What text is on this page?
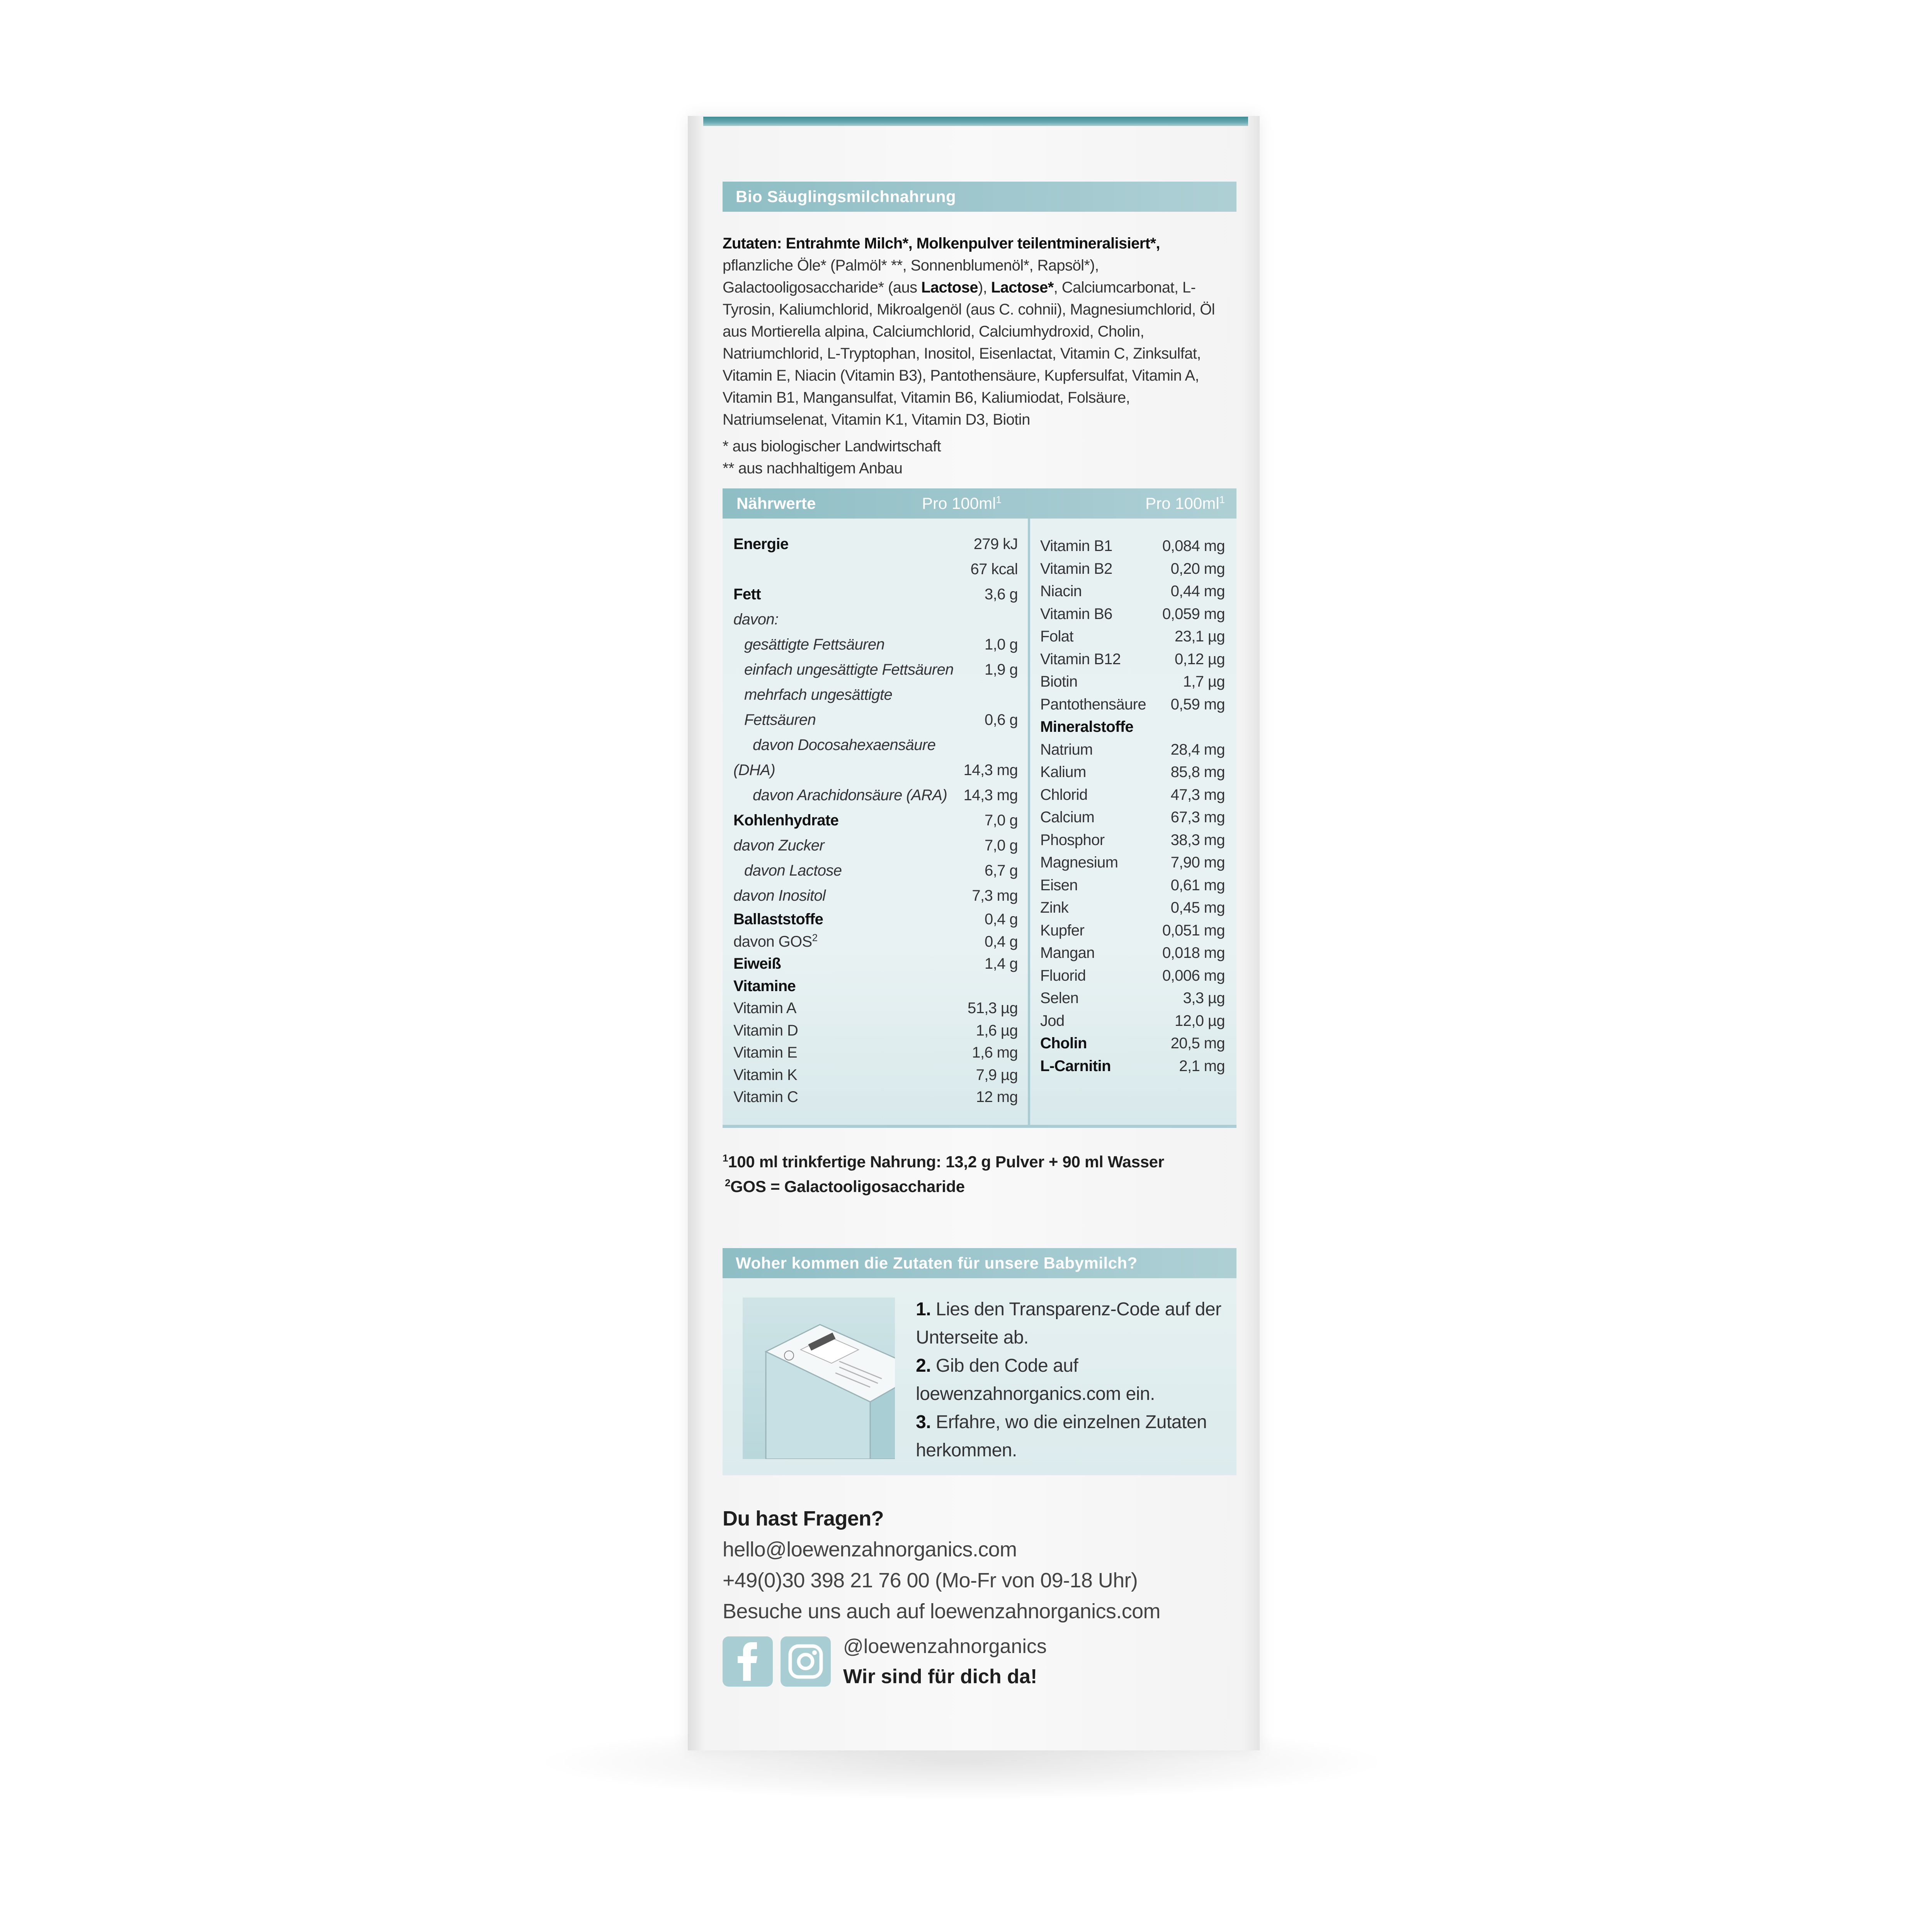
Bio Säuglingsmilchnahrung
Zutaten: Entrahmte Milch*, Molkenpulver teilentmineralisiert*, pflanzliche Öle* (Palmöl* **, Sonnenblumenöl*, Rapsöl*), Galactooligosaccharide* (aus Lactose), Lactose*, Calciumcarbonat, L-Tyrosin, Kaliumchlorid, Mikroalgenöl (aus C. cohnii), Magnesiumchlorid, Öl aus Mortierella alpina, Calciumchlorid, Calciumhydroxid, Cholin, Natriumchlorid, L-Tryptophan, Inositol, Eisenlactat, Vitamin C, Zinksulfat, Vitamin E, Niacin (Vitamin B3), Pantothensäure, Kupfersulfat, Vitamin A, Vitamin B1, Mangansulfat, Vitamin B6, Kaliumiodat, Folsäure, Natriumselenat, Vitamin K1, Vitamin D3, Biotin
* aus biologischer Landwirtschaft
** aus nachhaltigem Anbau
Nährwerte	Pro $100ml^1$	Pro $100ml^1$
Energie	279 kJ
67 kcal
Fett	3,6 g
davon:
gesättigte Fettsäuren	1,0 g
einfach ungesättigte Fettsäuren 1,9 g
mehrfach ungesättigte
Fettsäuren	0,6 g
davon Docosahexaensäure
(DHA)	14,3 mg
davon Arachidonsäure (ARA) 14,3 mg
Kohlenhydrate	7,0 g
davon Zucker	7,0 g
davon Lactose	6,7 g
davon Inositol	7,3 mg
Ballaststoffe	0,4 g
davon GOS$^2$	0,4 g
Eiweiß	1,4 g
Vitamine
Vitamin A	51,3 µg
Vitamin D	1,6 µg
Vitamin E	1,6 mg
Vitamin K	7,9 µg
Vitamin C	12 mg
Vitamin B1	0,084 mg
Vitamin B2	0,20 mg
Niacin	0,44 mg
Vitamin B6	0,059 mg
Folat	23,1 µg
Vitamin B12	0,12 µg
Biotin	1,7 µg
Pantothensäure 0,59 mg
Mineralstoffe
Natrium	28,4 mg
Kalium	85,8 mg
Chlorid	47,3 mg
Calcium	67,3 mg
Phosphor	38,3 mg
Magnesium	7,90 mg
Eisen	0,61 mg
Zink	0,45 mg
Kupfer	0,051 mg
Mangan	0,018 mg
Fluorid	0,006 mg
Selen	3,3 µg
Jod	12,0 µg
Cholin	20,5 mg
L-Carnitin	2,1 mg
$^1$100 ml trinkfertige Nahrung: 13,2 g Pulver + 90 ml Wasser
$^2$GOS = Galactooligosaccharide
Woher kommen die Zutaten für unsere Babymilch?
1. Lies den Transparenz-Code auf der Unterseite ab.
2. Gib den Code auf loewenzahnorganics.com ein.
3. Erfahre, wo die einzelnen Zutaten herkommen.
Du hast Fragen?
hello@loewenzahnorganics.com
+49(0)30 398 21 76 00 (Mo-Fr von 09-18 Uhr)
Besuche uns auch auf loewenzahnorganics.com
@loewenzahnorganics
Wir sind für dich da!
